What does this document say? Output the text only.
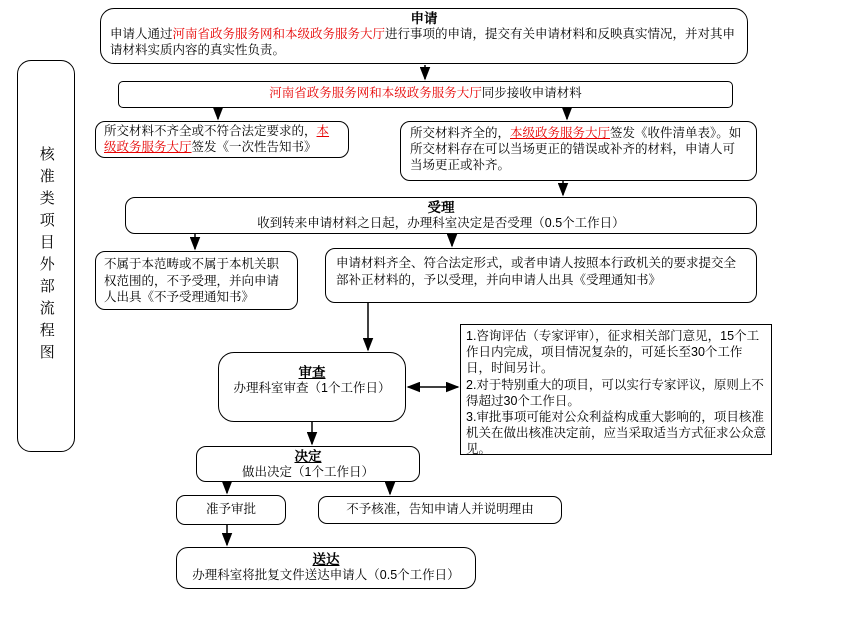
核准类项目外部流程图
申请
申请人通过河南省政务服务网和本级政务服务大厅进行事项的申请，提交有关申请材料和反映真实情况，并对其申请材料实质内容的真实性负责。
河南省政务服务网和本级政务服务大厅同步接收申请材料
所交材料不齐全或不符合法定要求的，本级政务服务大厅签发《一次性告知书》
所交材料齐全的，本级政务服务大厅签发《收件清单表》。如所交材料存在可以当场更正的错误或补齐的材料，申请人可当场更正或补齐。
受理
收到转来申请材料之日起，办理科室决定是否受理（0.5个工作日）
不属于本范畴或不属于本机关职权范围的，不予受理，并向申请人出具《不予受理通知书》
申请材料齐全、符合法定形式，或者申请人按照本行政机关的要求提交全部补正材料的，予以受理，并向申请人出具《受理通知书》
审查
办理科室审查（1个工作日）
1.咨询评估（专家评审），征求相关部门意见，15个工作日内完成，项目情况复杂的，可延长至30个工作日，时间另计。
2.对于特别重大的项目，可以实行专家评议，原则上不得超过30个工作日。
3.审批事项可能对公众利益构成重大影响的，项目核准机关在做出核准决定前，应当采取适当方式征求公众意见。
决定
做出决定（1个工作日）
准予审批	不予核准，告知申请人并说明理由
送达
办理科室将批复文件送达申请人（0.5个工作日）
